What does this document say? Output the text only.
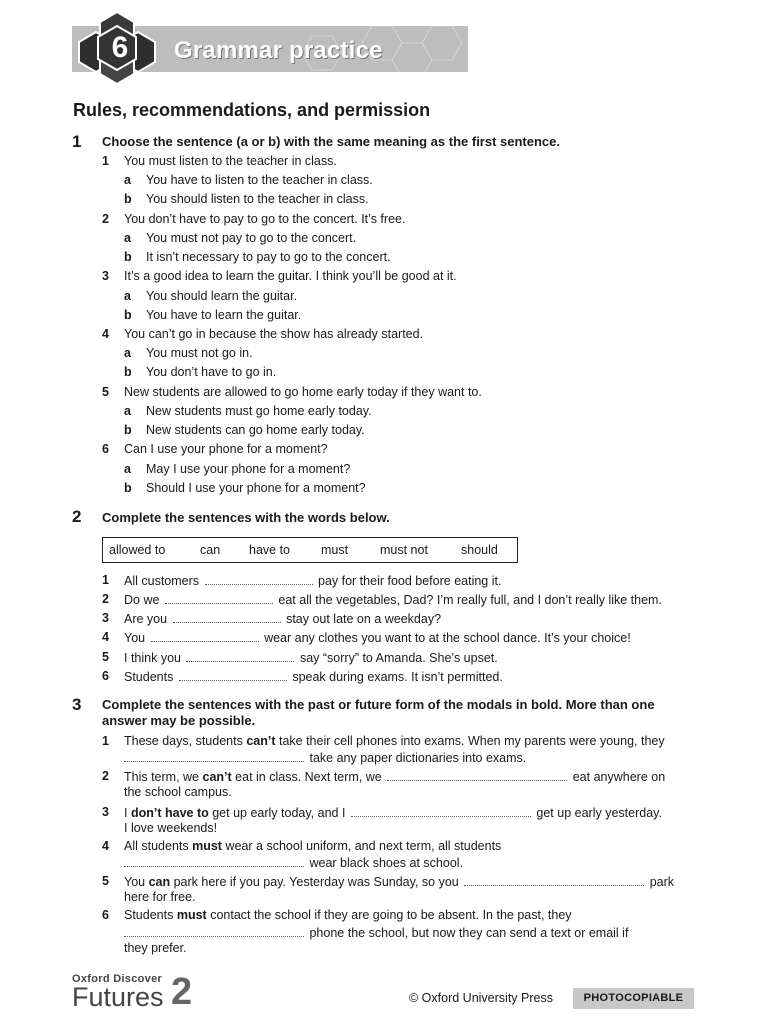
6	Grammar practice
Rules, recommendations, and permission
1 Choose the sentence (a or b) with the same meaning as the first sentence.
1 You must listen to the teacher in class.
a You have to listen to the teacher in class.
b You should listen to the teacher in class.
2 You don’t have to pay to go to the concert. It’s free.
a You must not pay to go to the concert.
b It isn’t necessary to pay to go to the concert.
3 It’s a good idea to learn the guitar. I think you’ll be good at it.
a You should learn the guitar.
b You have to learn the guitar.
4 You can’t go in because the show has already started.
a You must not go in.
b You don’t have to go in.
5 New students are allowed to go home early today if they want to.
a New students must go home early today.
b New students can go home early today.
6 Can I use your phone for a moment?
a May I use your phone for a moment?
b Should I use your phone for a moment?
2 Complete the sentences with the words below.
allowed to	can have to must	must not	should
1 All customers	pay for their food before eating it.
2 Do we	eat all the vegetables, Dad? I’m really full, and I don’t really like them.
3 Are you	stay out late on a weekday?
4 You	wear any clothes you want to at the school dance. It’s your choice!
5 I think you	say “sorry” to Amanda. She’s upset.
6 Students	speak during exams. It isn’t permitted.
3 Complete the sentences with the past or future form of the modals in bold. More than one answer may be possible.
1 These days, students can’t take their cell phones into exams. When my parents were young, they
take any paper dictionaries into exams.
2 This term, we can’t eat in class. Next term, we	eat anywhere on
the school campus.
3 I don’t have to get up early today, and I	get up early yesterday.
I love weekends!
4 All students must wear a school uniform, and next term, all students
wear black shoes at school.
5 You can park here if you pay. Yesterday was Sunday, so you	park
here for free.
6 Students must contact the school if they are going to be absent. In the past, they
phone the school, but now they can send a text or email if
they prefer.
Oxford Discover
Futures 2	© Oxford University Press	PHOTOCOPIABLE
